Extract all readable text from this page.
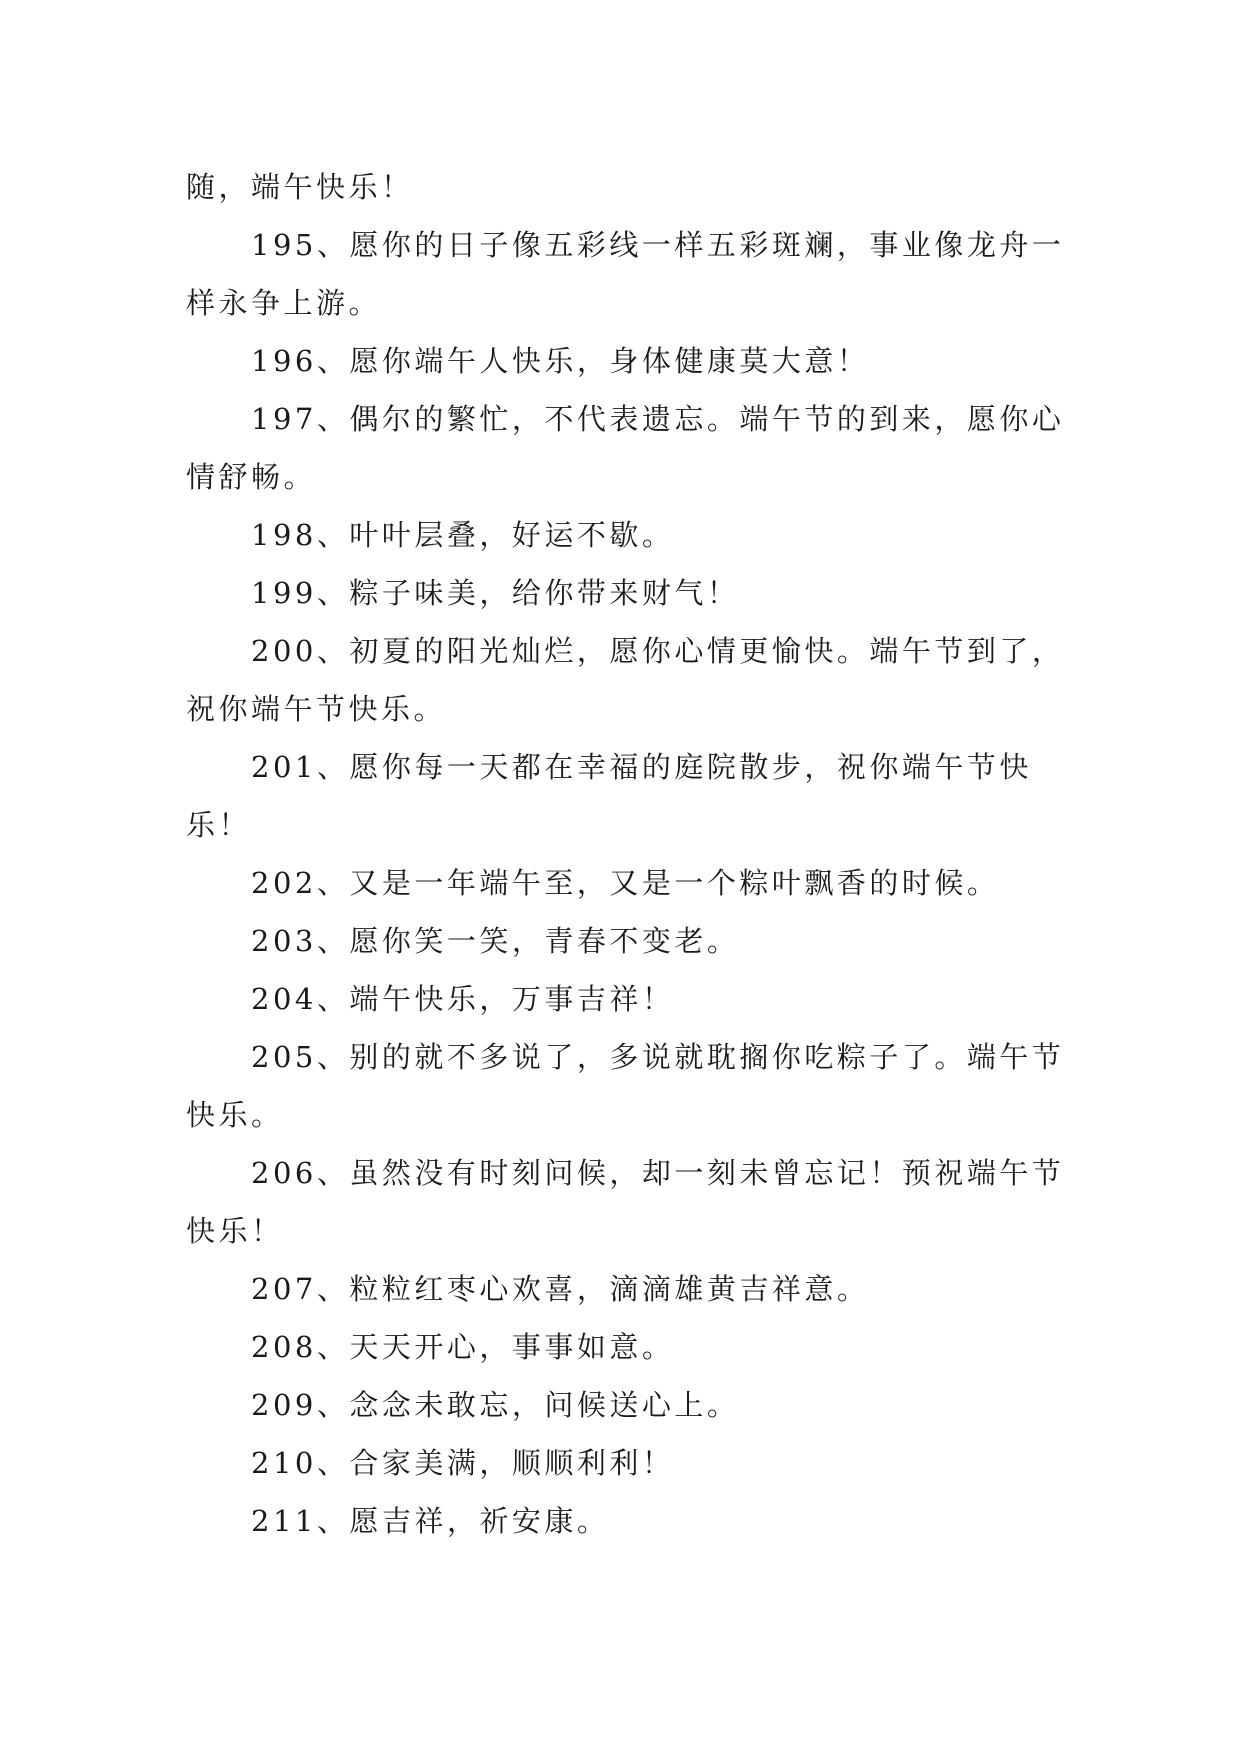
随，端午快乐！

195、愿你的日子像五彩线一样五彩斑斓，事业像龙舟一样永争上游。

196、愿你端午人快乐，身体健康莫大意！

197、偶尔的繁忙，不代表遗忘。端午节的到来，愿你心情舒畅。

198、叶叶层叠，好运不歇。

199、粽子味美，给你带来财气！

200、初夏的阳光灿烂，愿你心情更愉快。端午节到了，祝你端午节快乐。

201、愿你每一天都在幸福的庭院散步，祝你端午节快乐！

202、又是一年端午至，又是一个粽叶飘香的时候。

203、愿你笑一笑，青春不变老。

204、端午快乐，万事吉祥！

205、别的就不多说了，多说就耽搁你吃粽子了。端午节快乐。

206、虽然没有时刻问候，却一刻未曾忘记！预祝端午节快乐！

207、粒粒红枣心欢喜，滴滴雄黄吉祥意。

208、天天开心，事事如意。

209、念念未敢忘，问候送心上。

210、合家美满，顺顺利利！

211、愿吉祥，祈安康。
